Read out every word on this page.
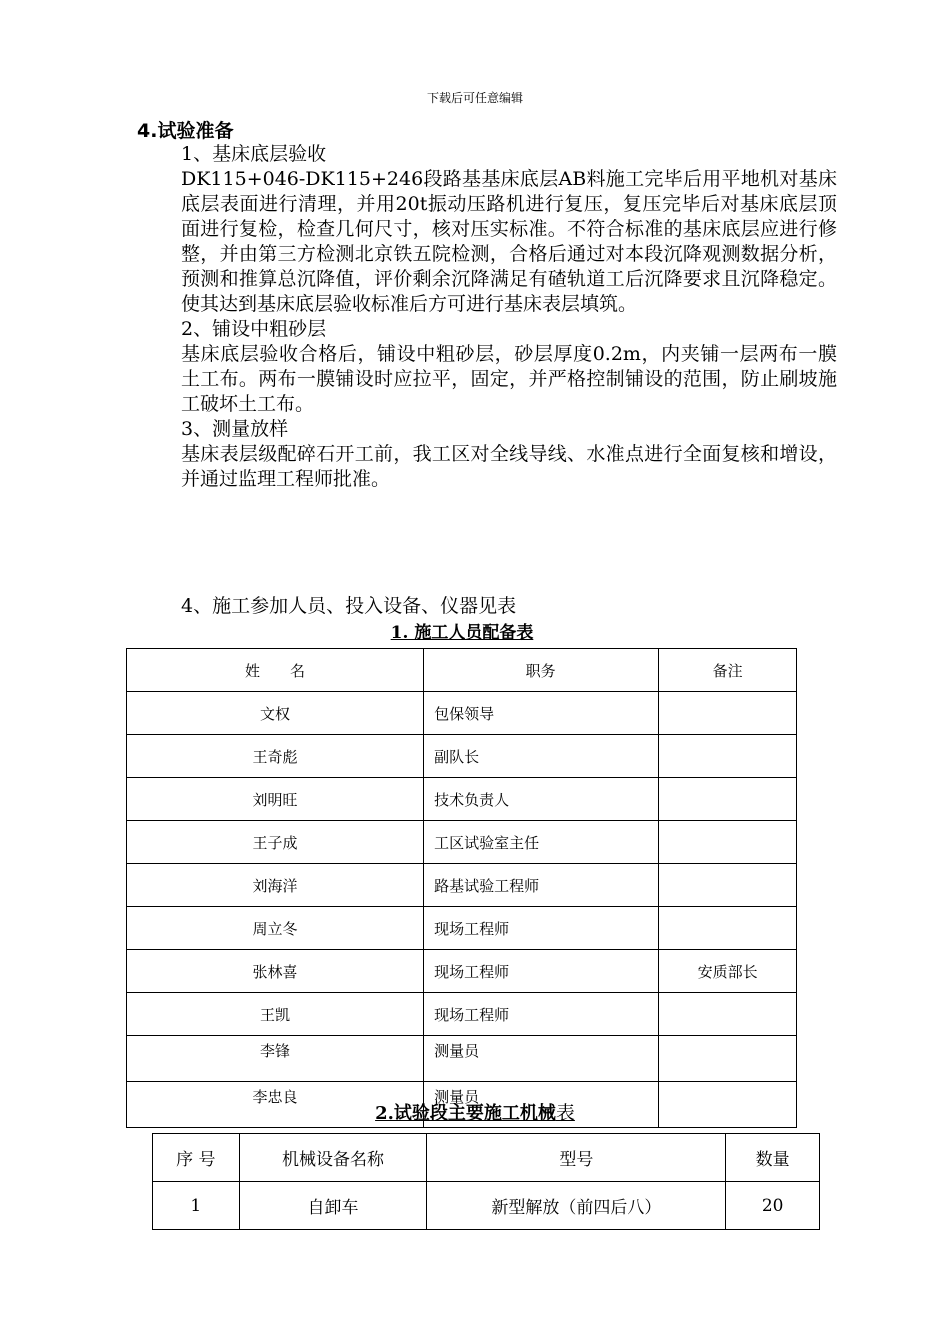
下载后可任意编辑
4.试验准备

1、基床底层验收

DK115+046-DK115+246段路基基床底层AB料施工完毕后用平地机对基床底层表面进行清理，并用20t振动压路机进行复压，复压完毕后对基床底层顶面进行复检，检查几何尺寸，核对压实标准。不符合标准的基床底层应进行修整，并由第三方检测北京铁五院检测，合格后通过对本段沉降观测数据分析，预测和推算总沉降值，评价剩余沉降满足有碴轨道工后沉降要求且沉降稳定。使其达到基床底层验收标准后方可进行基床表层填筑。

2、铺设中粗砂层

基床底层验收合格后，铺设中粗砂层，砂层厚度0.2m，内夹铺一层两布一膜土工布。两布一膜铺设时应拉平，固定，并严格控制铺设的范围，防止刷坡施工破坏土工布。

3、测量放样

基床表层级配碎石开工前，我工区对全线导线、水准点进行全面复核和增设，并通过监理工程师批准。

4、施工参加人员、投入设备、仪器见表
1. 施工人员配备表
姓　　名	职务	备注
文权	包保领导	
王奇彪	副队长	
刘明旺	技术负责人	
王子成	工区试验室主任	
刘海洋	路基试验工程师	
周立冬	现场工程师	
张林喜	现场工程师	安质部长
王凯	现场工程师	
李锋	测量员	
李忠良	测量员	
2.试验段主要施工机械表
序 号	机械设备名称	型号	数量
1	自卸车	新型解放（前四后八）	20
